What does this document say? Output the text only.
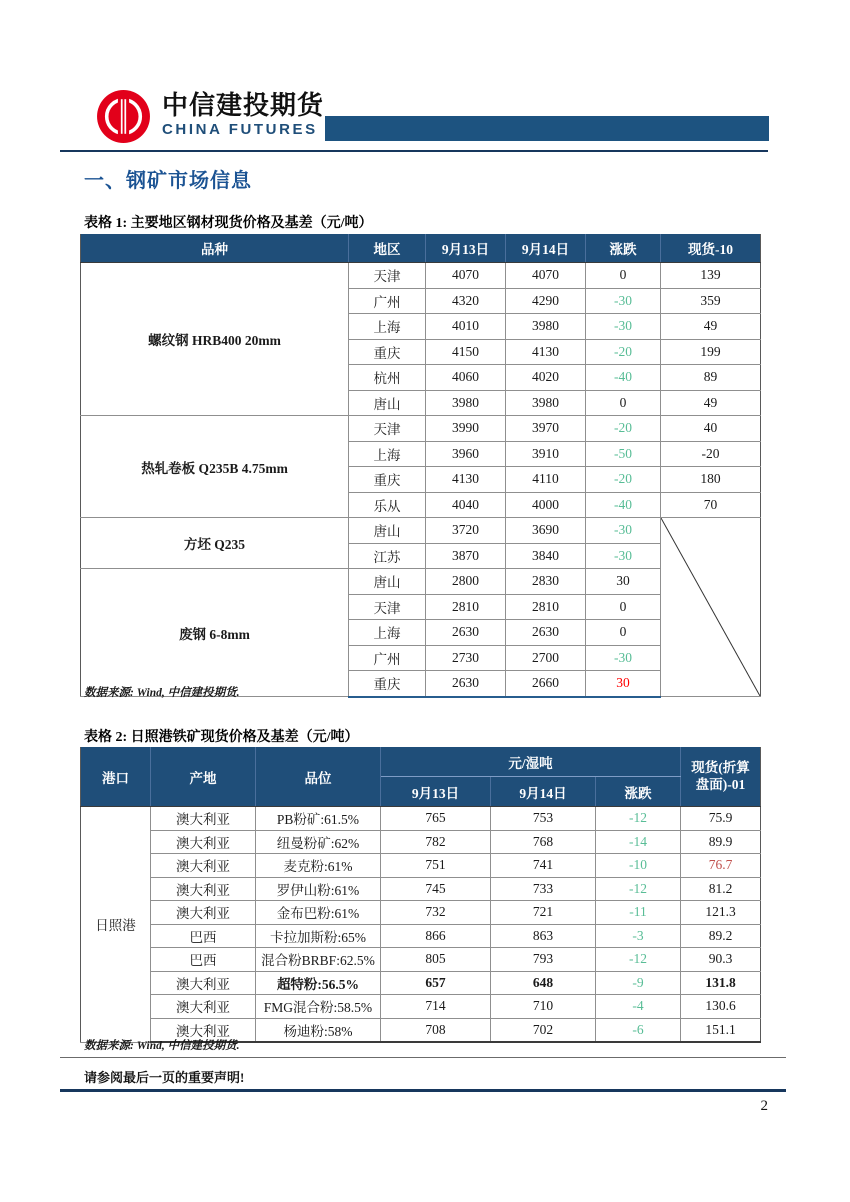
中信建投期货
CHINA FUTURES
一、钢矿市场信息
表格 1: 主要地区钢材现货价格及基差（元/吨）
品种	地区	9月13日	9月14日	涨跌	现货-10
螺纹钢 HRB400 20mm	天津	4070	4070	0	139
	广州	4320	4290	-30	359
	上海	4010	3980	-30	49
	重庆	4150	4130	-20	199
	杭州	4060	4020	-40	89
	唐山	3980	3980	0	49
热轧卷板 Q235B 4.75mm	天津	3990	3970	-20	40
	上海	3960	3910	-50	-20
	重庆	4130	4110	-20	180
	乐从	4040	4000	-40	70
方坯 Q235	唐山	3720	3690	-30	

	江苏	3870	3840	-30	
废钢 6-8mm	唐山	2800	2830	30	
	天津	2810	2810	0	
	上海	2630	2630	0	
	广州	2730	2700	-30	
	重庆	2630	2660	30	
数据来源: Wind, 中信建投期货.
表格 2: 日照港铁矿现货价格及基差（元/吨）
港口	产地	品位	元/湿吨			现货(折算盘面)-01
			9月13日	9月14日	涨跌	
日照港	澳大利亚	PB粉矿:61.5%	765	753	-12	75.9
	澳大利亚	纽曼粉矿:62%	782	768	-14	89.9
	澳大利亚	麦克粉:61%	751	741	-10	76.7
	澳大利亚	罗伊山粉:61%	745	733	-12	81.2
	澳大利亚	金布巴粉:61%	732	721	-11	121.3
	巴西	卡拉加斯粉:65%	866	863	-3	89.2
	巴西	混合粉BRBF:62.5%	805	793	-12	90.3
	澳大利亚	超特粉:56.5%	657	648	-9	131.8
	澳大利亚	FMG混合粉:58.5%	714	710	-4	130.6
	澳大利亚	杨迪粉:58%	708	702	-6	151.1
数据来源: Wind, 中信建投期货.
请参阅最后一页的重要声明!
2
